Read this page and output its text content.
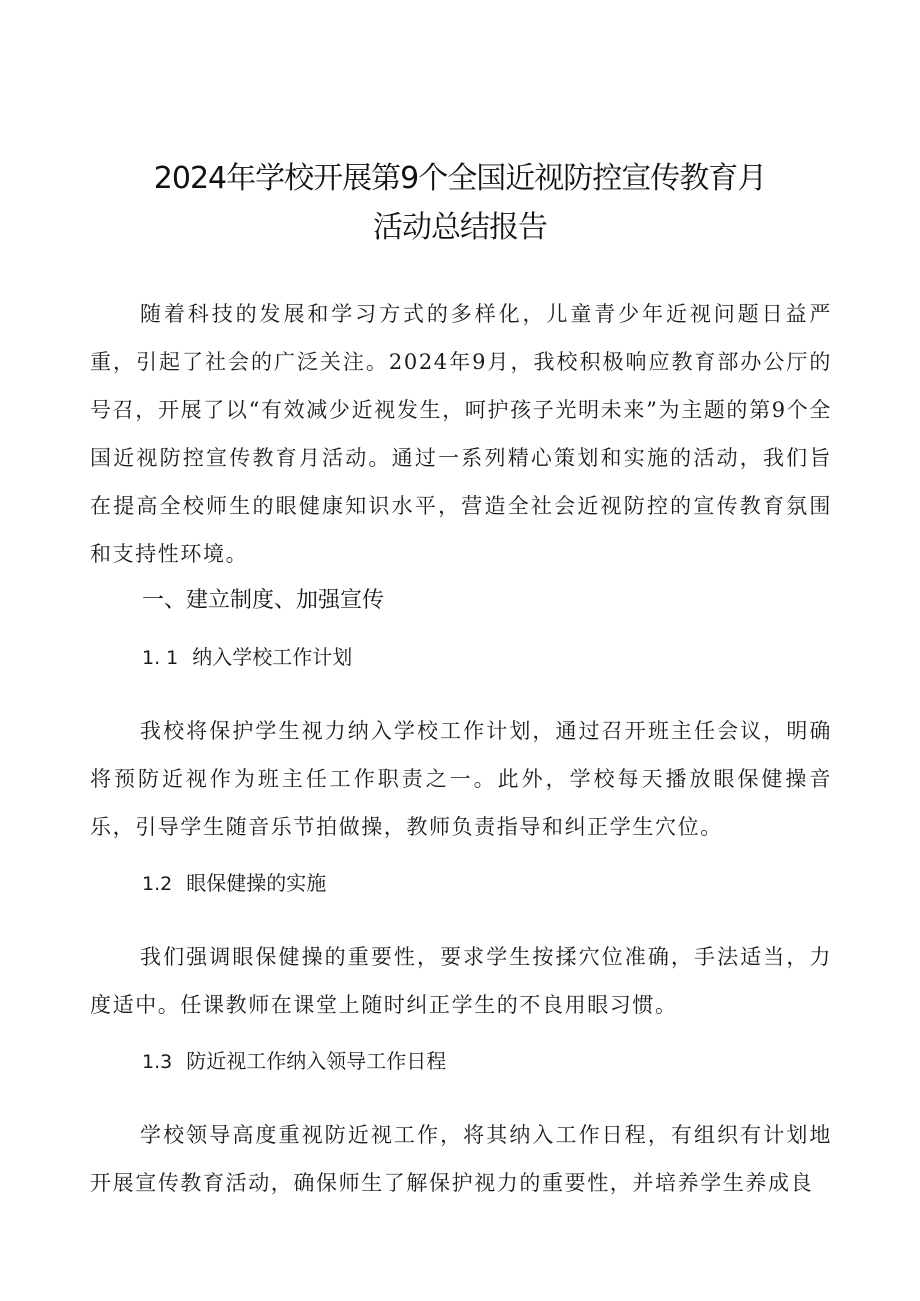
2024年学校开展第9个全国近视防控宣传教育月
活动总结报告

随着科技的发展和学习方式的多样化，儿童青少年近视问题日益严重，引起了社会的广泛关注。2024年9月，我校积极响应教育部办公厅的号召，开展了以“有效减少近视发生，呵护孩子光明未来”为主题的第9个全国近视防控宣传教育月活动。通过一系列精心策划和实施的活动，我们旨在提高全校师生的眼健康知识水平，营造全社会近视防控的宣传教育氛围和支持性环境。

一、建立制度、加强宣传
1. 1 纳入学校工作计划

我校将保护学生视力纳入学校工作计划，通过召开班主任会议，明确将预防近视作为班主任工作职责之一。此外，学校每天播放眼保健操音乐，引导学生随音乐节拍做操，教师负责指导和纠正学生穴位。

1.2 眼保健操的实施

我们强调眼保健操的重要性，要求学生按揉穴位准确，手法适当，力度适中。任课教师在课堂上随时纠正学生的不良用眼习惯。

1.3 防近视工作纳入领导工作日程

学校领导高度重视防近视工作，将其纳入工作日程，有组织有计划地开展宣传教育活动，确保师生了解保护视力的重要性，并培养学生养成良
